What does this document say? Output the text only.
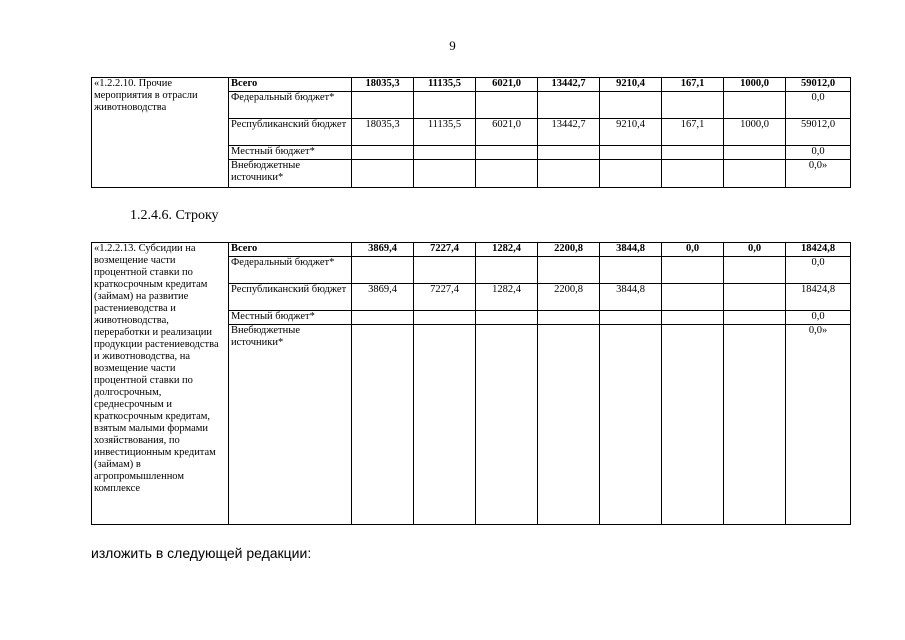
9
«1.2.2.10. Прочие мероприятия в отрасли животноводства	Всего	18035,3	11135,5	6021,0	13442,7	9210,4	167,1	1000,0	59012,0
	Федеральный бюджет*								0,0
	Республиканский бюджет	18035,3	11135,5	6021,0	13442,7	9210,4	167,1	1000,0	59012,0
	Местный бюджет*								0,0
	Внебюджетные источники*								0,0»
1.2.4.6. Строку
«1.2.2.13. Субсидии на возмещение части процентной ставки по краткосрочным кредитам (займам) на развитие растениеводства и животноводства, переработки и реализации продукции растениеводства и животноводства, на возмещение части процентной ставки по долгосрочным, среднесрочным и краткосрочным кредитам, взятым малыми формами хозяйствования, по инвестиционным кредитам (займам) в агропромышленном комплексе	Всего	3869,4	7227,4	1282,4	2200,8	3844,8	0,0	0,0	18424,8
	Федеральный бюджет*								0,0
	Республиканский бюджет	3869,4	7227,4	1282,4	2200,8	3844,8			18424,8
	Местный бюджет*								0,0
	Внебюджетные источники*								0,0»
изложить в следующей редакции:
